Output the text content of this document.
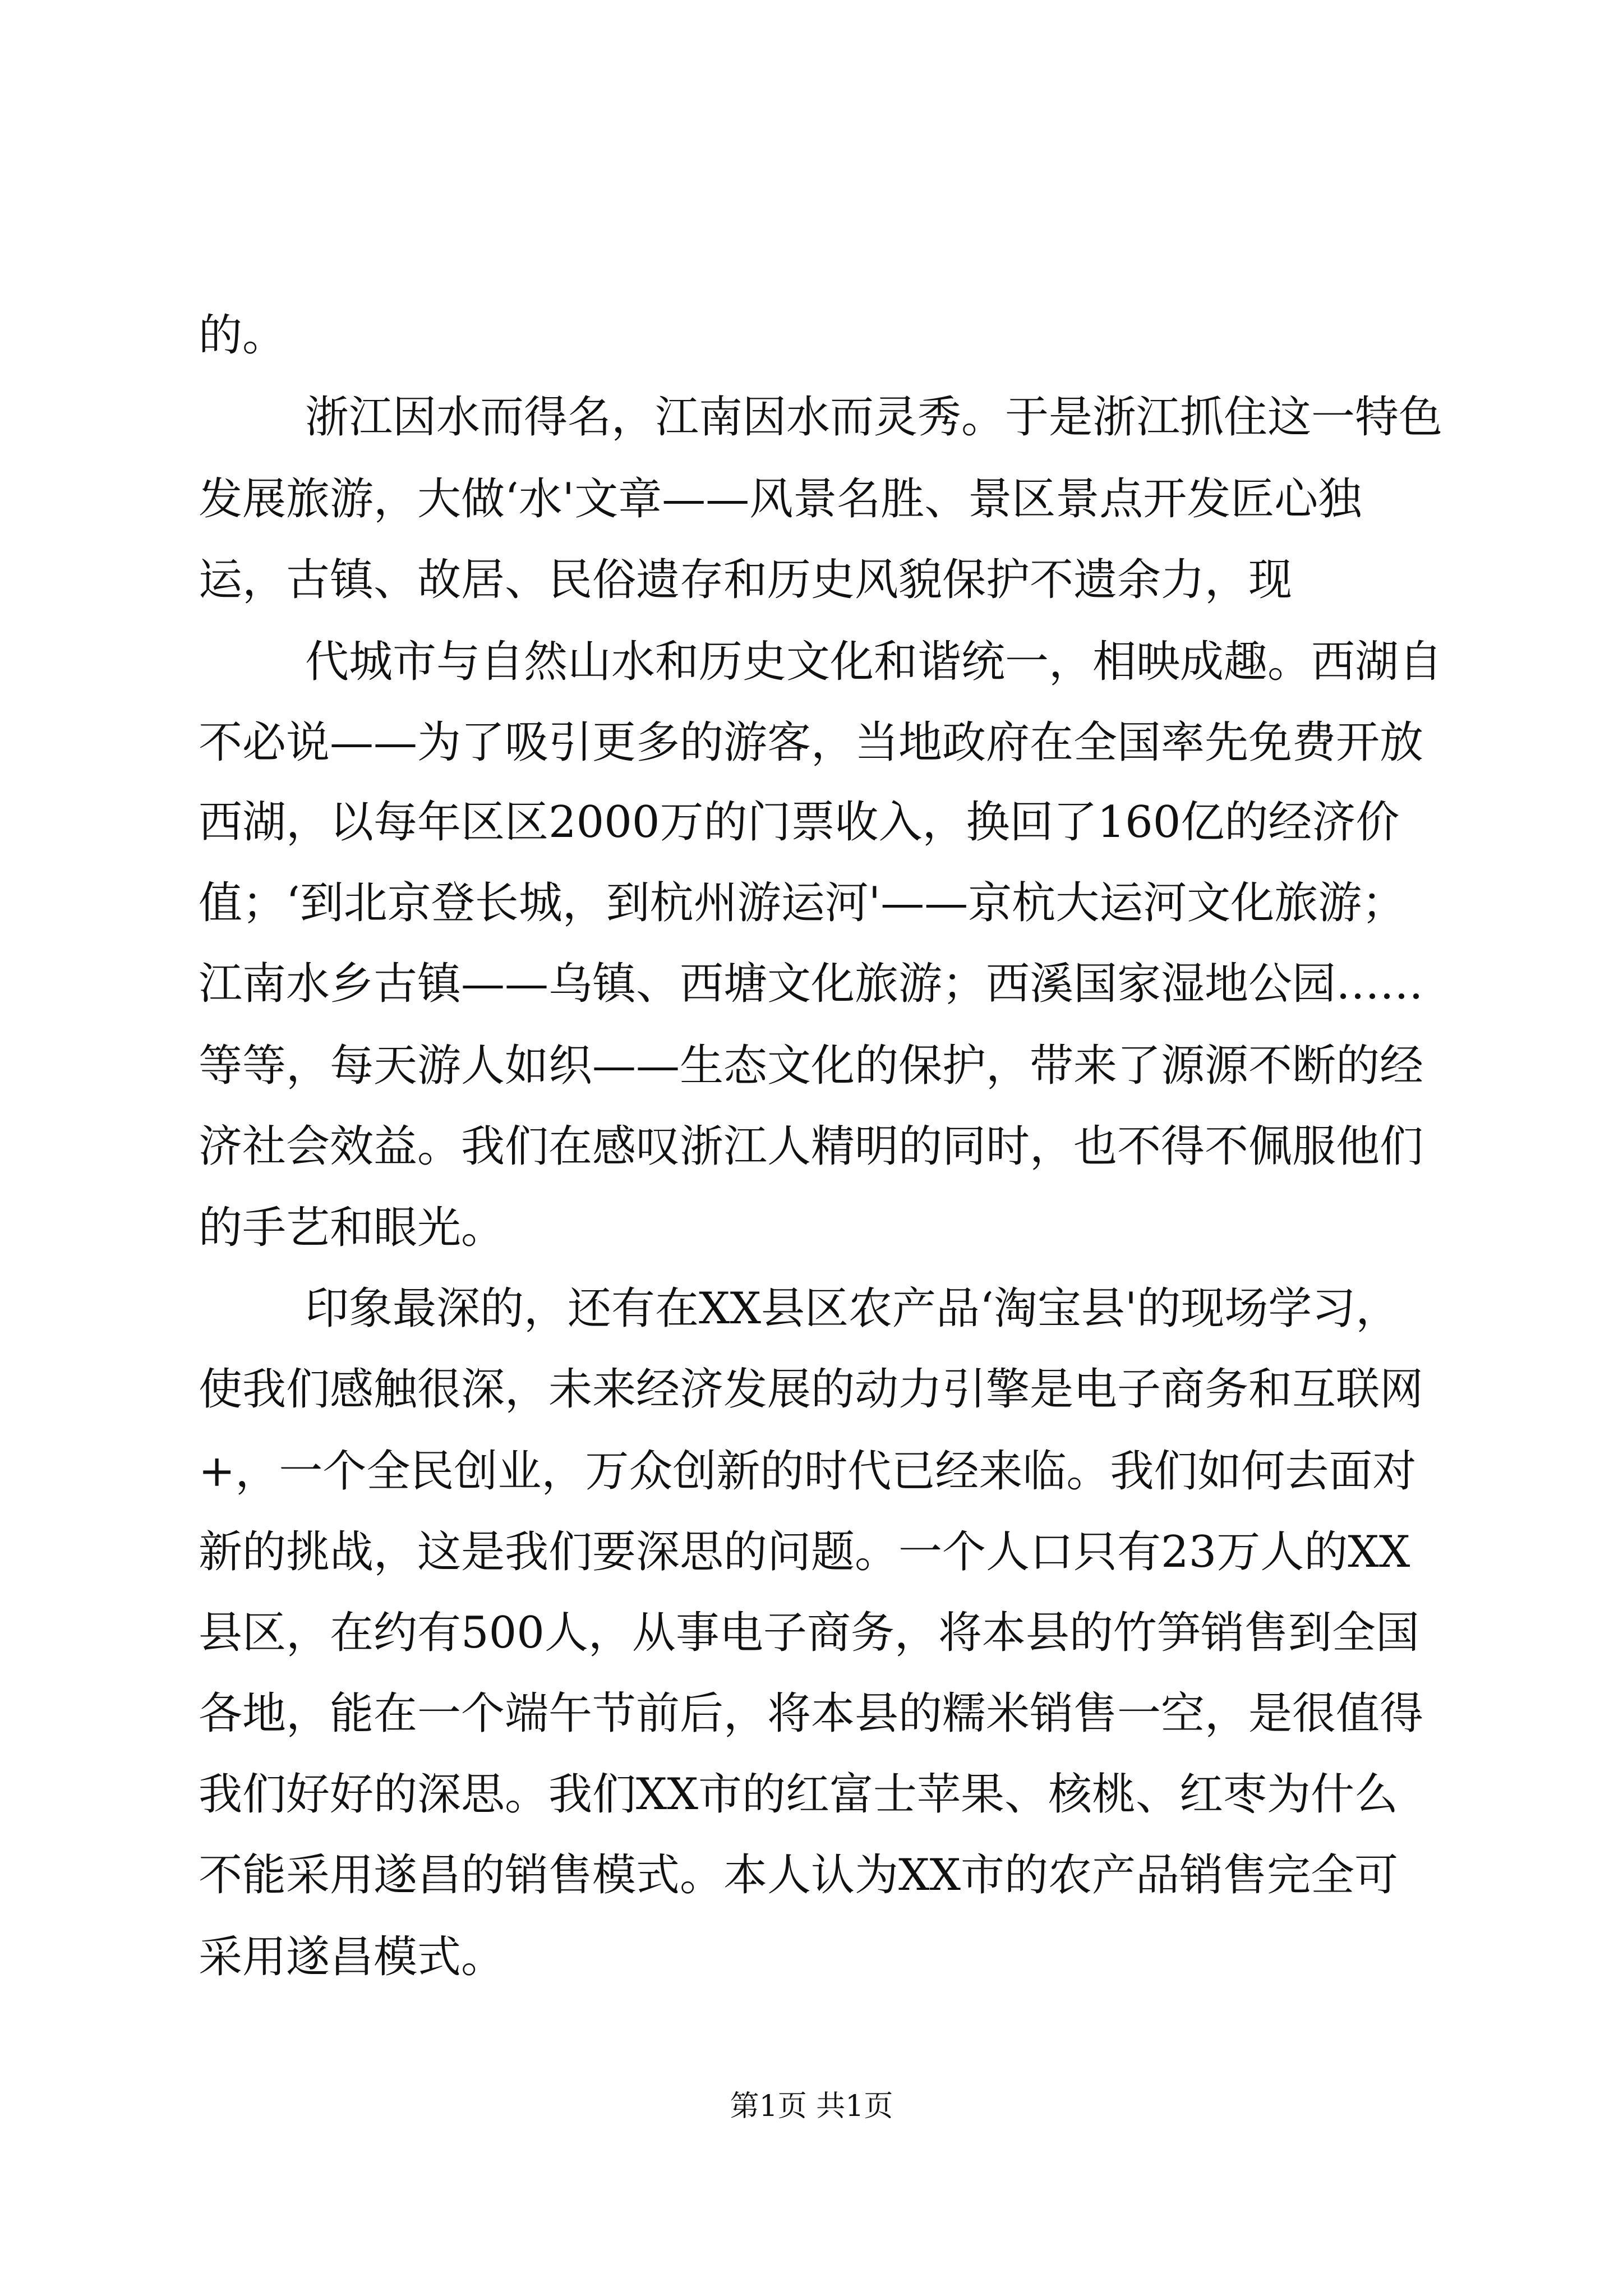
的。
浙江因水而得名，江南因水而灵秀。于是浙江抓住这一特色
发展旅游，大做‘水'文章——风景名胜、景区景点开发匠心独
运，古镇、故居、民俗遗存和历史风貌保护不遗余力，现
代城市与自然山水和历史文化和谐统一，相映成趣。西湖自
不必说——为了吸引更多的游客，当地政府在全国率先免费开放
西湖，以每年区区2000万的门票收入，换回了160亿的经济价
值；‘到北京登长城，到杭州游运河'——京杭大运河文化旅游；
江南水乡古镇——乌镇、西塘文化旅游；西溪国家湿地公园……
等等，每天游人如织——生态文化的保护，带来了源源不断的经
济社会效益。我们在感叹浙江人精明的同时，也不得不佩服他们
的手艺和眼光。
印象最深的，还有在XX县区农产品‘淘宝县'的现场学习，
使我们感触很深，未来经济发展的动力引擎是电子商务和互联网
+，一个全民创业，万众创新的时代已经来临。我们如何去面对
新的挑战，这是我们要深思的问题。一个人口只有23万人的XX
县区，在约有500人，从事电子商务，将本县的竹笋销售到全国
各地，能在一个端午节前后，将本县的糯米销售一空，是很值得
我们好好的深思。我们XX市的红富士苹果、核桃、红枣为什么
不能采用遂昌的销售模式。本人认为XX市的农产品销售完全可
采用遂昌模式。
第1页 共1页
